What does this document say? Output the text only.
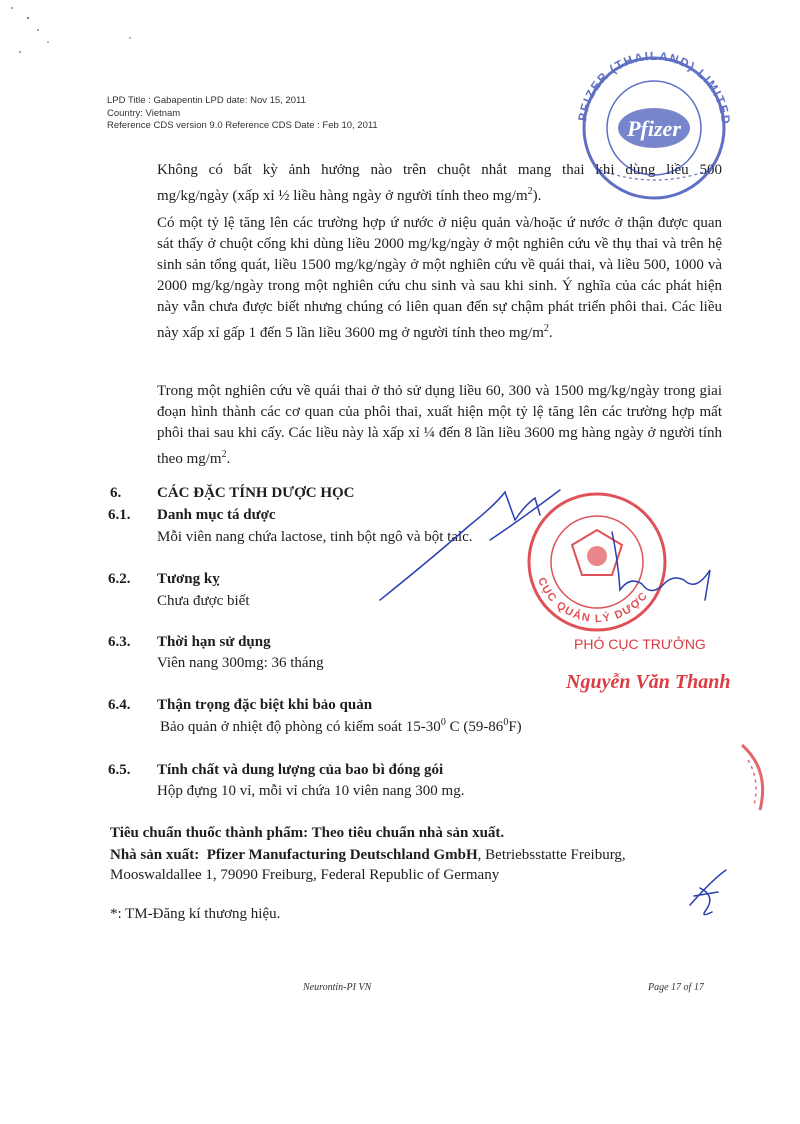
LPD Title : Gabapentin LPD date: Nov 15, 2011
Country: Vietnam
Reference CDS version 9.0 Reference CDS Date : Feb 10, 2011
Không có bất kỳ ảnh hưởng nào trên chuột nhắt mang thai khi dùng liều 500
mg/kg/ngày (xấp xỉ ½ liều hàng ngày ở người tính theo $mg/m^2$).
Có một tỷ lệ tăng lên các trường hợp ứ nước ở niệu quản và/hoặc ứ nước ở thận được quan sát thấy ở chuột cống khi dùng liều 2000 mg/kg/ngày ở một nghiên cứu về thụ thai và trên hệ sinh sản tổng quát, liều 1500 mg/kg/ngày ở một nghiên cứu về quái thai, và liều 500, 1000 và 2000 mg/kg/ngày trong một nghiên cứu chu sinh và sau khi sinh. Ý nghĩa của các phát hiện này vẫn chưa được biết nhưng chúng có liên quan đến sự chậm phát triển phôi thai. Các liều này xấp xỉ gấp 1 đến 5 lần liều 3600 mg ở người tính theo $mg/m^2$.
Trong một nghiên cứu về quái thai ở thỏ sử dụng liều 60, 300 và 1500 mg/kg/ngày trong giai đoạn hình thành các cơ quan của phôi thai, xuất hiện một tỷ lệ tăng lên các trường hợp mất phôi thai sau khi cấy. Các liều này là xấp xỉ ¼ đến 8 lần liều 3600 mg hàng ngày ở người tính theo $mg/m^2$.
6. CÁC ĐẶC TÍNH DƯỢC HỌC
6.1. Danh mục tá dược
Mỗi viên nang chứa lactose, tinh bột ngô và bột talc.
6.2. Tương kỵ
Chưa được biết
6.3. Thời hạn sử dụng
Viên nang 300mg: 36 tháng
6.4. Thận trọng đặc biệt khi bảo quản
Bảo quản ở nhiệt độ phòng có kiểm soát $15-30^0$ C $(59-86^0F)$
6.5. Tính chất và dung lượng của bao bì đóng gói
Hộp đựng 10 vỉ, mỗi vỉ chứa 10 viên nang 300 mg.
Tiêu chuẩn thuốc thành phẩm: Theo tiêu chuẩn nhà sản xuất.
Nhà sản xuất: Pfizer Manufacturing Deutschland GmbH, Betriebsstatte Freiburg,
Mooswaldallee 1, 79090 Freiburg, Federal Republic of Germany
*: TM-Đăng kí thương hiệu.
Neurontin-PI VN	Page 17 of 17
PFIZER (THAILAND) LIMITED
Pfizer
CỤC QUẢN LÝ DƯỢC
PHÓ CỤC TRƯỞNG
Nguyễn Văn Thanh
